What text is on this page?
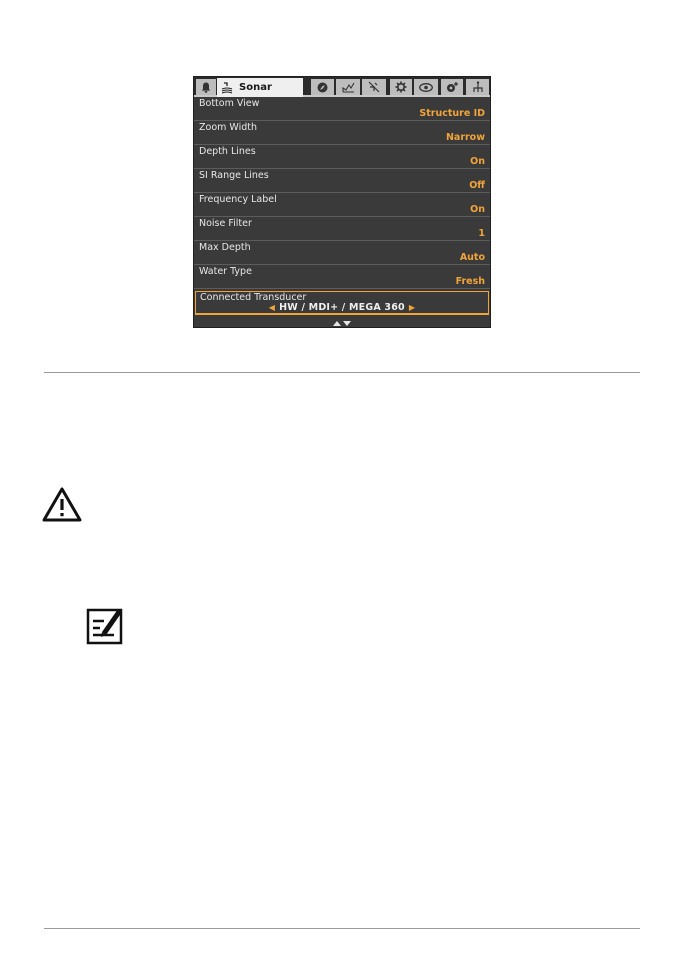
Sonar
Bottom View
Structure ID
Zoom Width
Narrow
Depth Lines
On
SI Range Lines
Off
Frequency Label
On
Noise Filter
1
Max Depth
Auto
Water Type
Fresh
Connected Transducer
◀ HW / MDI+ / MEGA 360 ▶
